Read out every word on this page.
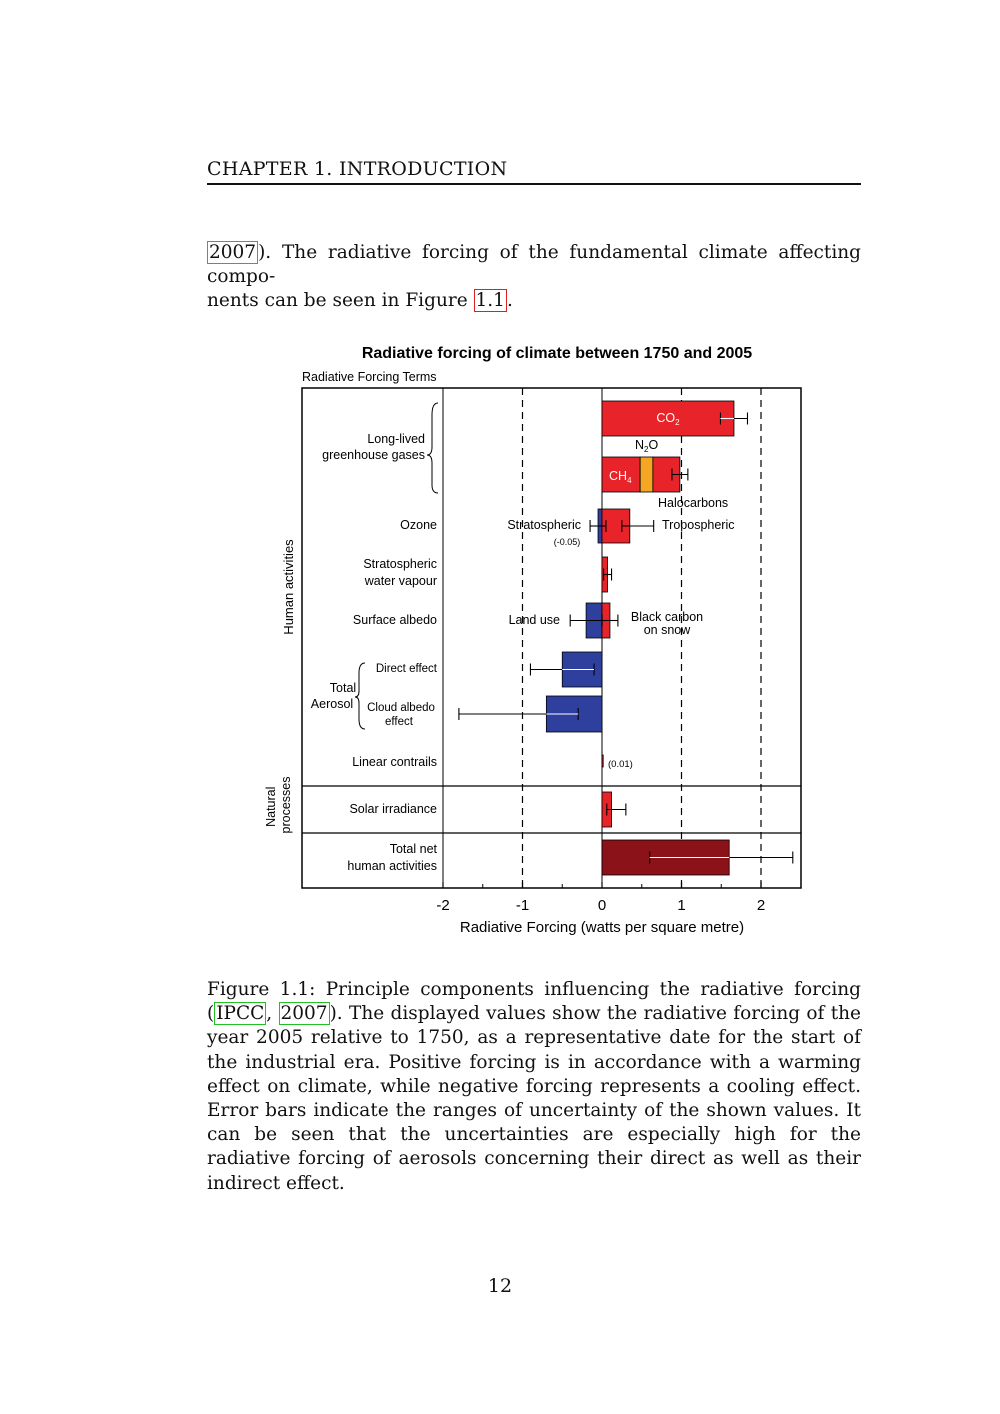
CHAPTER 1. INTRODUCTION
2007 ). The radiative forcing of the fundamental climate affecting compo-
nents can be seen in Figure 1.1 .
Radiative forcing of climate between 1750 and 2005
Radiative Forcing Terms
-2	-1	0	1	2
Human activities
Natural processes
Long-lived
greenhouse gases
Ozone
Stratospheric
water vapour
Surface albedo
Total
Aerosol
Direct effect
Cloud albedo
effect
Linear contrails
Solar irradiance
Total net
human activities
$CO_2$
$N_2O$
$CH_4$
Halocarbons
Stratospheric
(-0.05)
Tropospheric
Land use	Black carbon
on snow
(0.01)
Radiative Forcing (watts per square metre)
Figure 1.1: Principle components influencing the radiative forcing ( IPCC , 2007 ). The displayed values show the radiative forcing of the year 2005 relative to 1750, as a representative date for the start of the industrial era. Positive forcing is in accordance with a warming effect on climate, while negative forcing represents a cooling effect. Error bars indicate the ranges of uncertainty of the shown values. It can be seen that the uncertainties are especially high for the radiative forcing of aerosols concerning their direct as well as their indirect effect.
12
